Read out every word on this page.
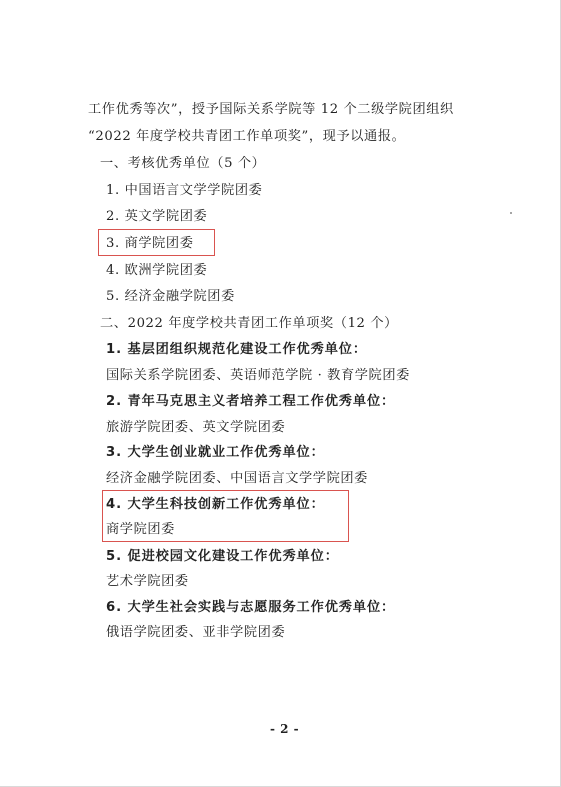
工作优秀等次”，授予国际关系学院等 12 个二级学院团组织
“2022 年度学校共青团工作单项奖”，现予以通报。
一、考核优秀单位（5 个）
1. 中国语言文学学院团委
2. 英文学院团委
3. 商学院团委
4. 欧洲学院团委
5. 经济金融学院团委
二、2022 年度学校共青团工作单项奖（12 个）
1. 基层团组织规范化建设工作优秀单位：
国际关系学院团委、英语师范学院 · 教育学院团委
2. 青年马克思主义者培养工程工作优秀单位：
旅游学院团委、英文学院团委
3. 大学生创业就业工作优秀单位：
经济金融学院团委、中国语言文学学院团委
4. 大学生科技创新工作优秀单位：
商学院团委
5. 促进校园文化建设工作优秀单位：
艺术学院团委
6. 大学生社会实践与志愿服务工作优秀单位：
俄语学院团委、亚非学院团委
- 2 -
